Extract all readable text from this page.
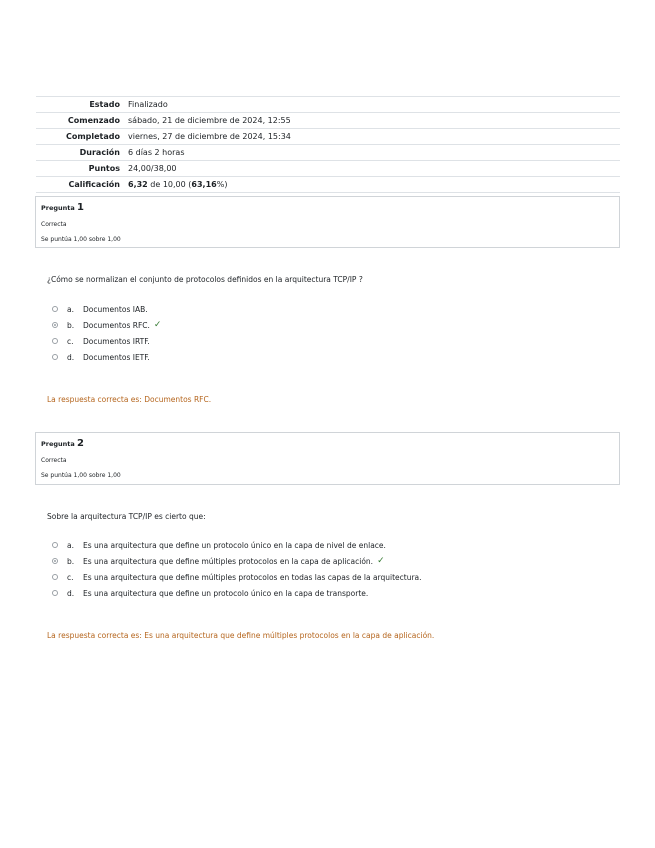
Estado	Finalizado
Comenzado	sábado, 21 de diciembre de 2024, 12:55
Completado	viernes, 27 de diciembre de 2024, 15:34
Duración	6 días 2 horas
Puntos	24,00/38,00
Calificación	6,32 de 10,00 (63,16%)
Pregunta 1
Correcta
Se puntúa 1,00 sobre 1,00
¿Cómo se normalizan el conjunto de protocolos definidos en la arquitectura TCP/IP ?
a.	Documentos IAB.
b.	Documentos RFC. ✓
c.	Documentos IRTF.
d.	Documentos IETF.
La respuesta correcta es: Documentos RFC.
Pregunta 2
Correcta
Se puntúa 1,00 sobre 1,00
Sobre la arquitectura TCP/IP es cierto que:
a.	Es una arquitectura que define un protocolo único en la capa de nivel de enlace.
b.	Es una arquitectura que define múltiples protocolos en la capa de aplicación. ✓
c.	Es una arquitectura que define múltiples protocolos en todas las capas de la arquitectura.
d.	Es una arquitectura que define un protocolo único en la capa de transporte.
La respuesta correcta es: Es una arquitectura que define múltiples protocolos en la capa de aplicación.
